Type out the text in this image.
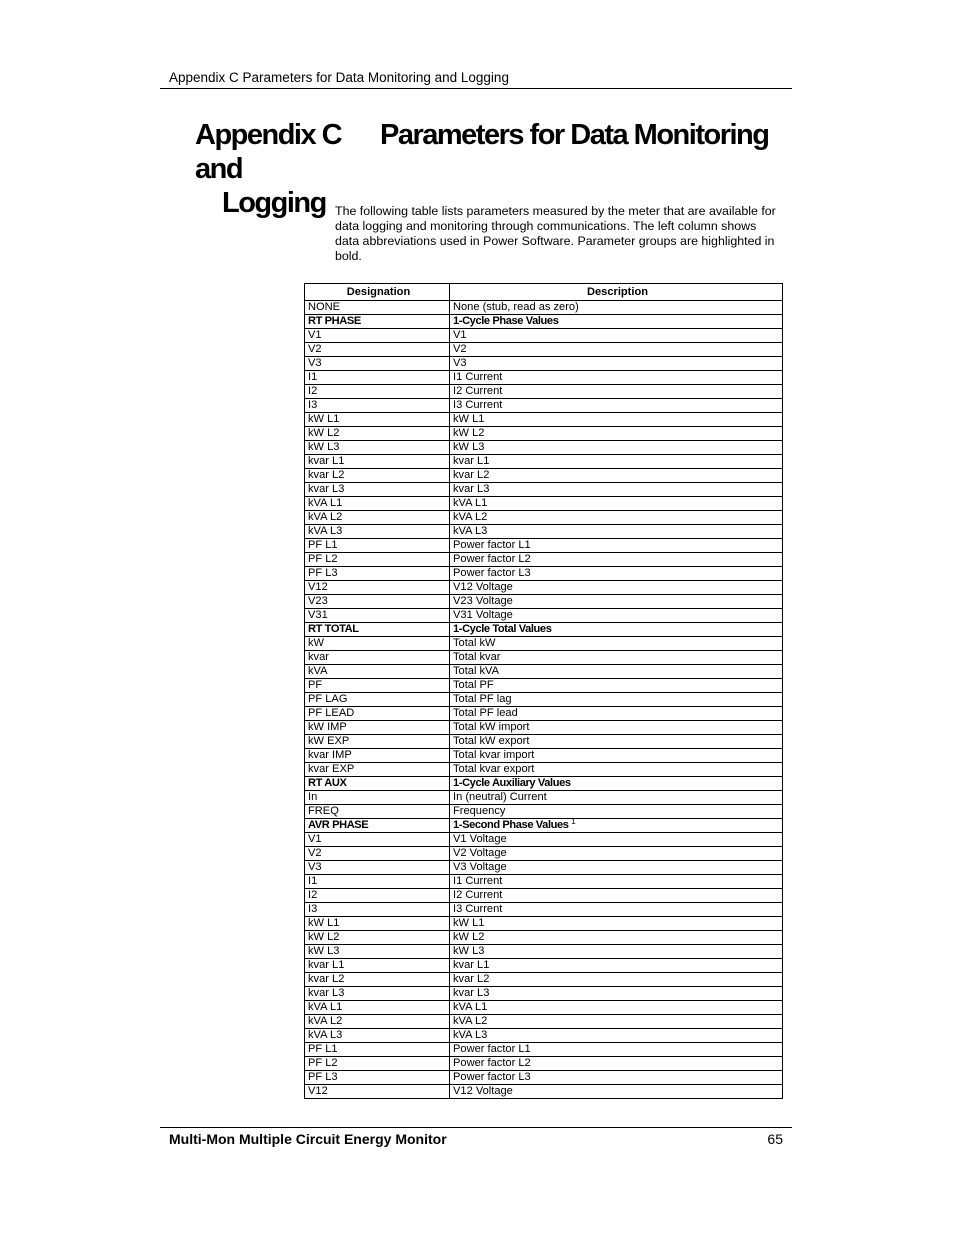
Appendix C Parameters for Data Monitoring and Logging
Appendix C Parameters for Data Monitoring and
Logging The following table lists parameters measured by the meter that are available for data logging and monitoring through communications. The left column shows data abbreviations used in Power Software. Parameter groups are highlighted in bold.

Designation	Description
NONE	None (stub, read as zero)
RT PHASE	1-Cycle Phase Values
V1	V1
V2	V2
V3	V3
I1	I1 Current
I2	I2 Current
I3	I3 Current
kW L1	kW L1
kW L2	kW L2
kW L3	kW L3
kvar L1	kvar L1
kvar L2	kvar L2
kvar L3	kvar L3
kVA L1	kVA L1
kVA L2	kVA L2
kVA L3	kVA L3
PF L1	Power factor L1
PF L2	Power factor L2
PF L3	Power factor L3
V12	V12 Voltage
V23	V23 Voltage
V31	V31 Voltage
RT TOTAL	1-Cycle Total Values
kW	Total kW
kvar	Total kvar
kVA	Total kVA
PF	Total PF
PF LAG	Total PF lag
PF LEAD	Total PF lead
kW IMP	Total kW import
kW EXP	Total kW export
kvar IMP	Total kvar import
kvar EXP	Total kvar export
RT AUX	1-Cycle Auxiliary Values
In	In (neutral) Current
FREQ	Frequency
AVR PHASE	1-Second Phase Values $^1$
V1	V1 Voltage
V2	V2 Voltage
V3	V3 Voltage
I1	I1 Current
I2	I2 Current
I3	I3 Current
kW L1	kW L1
kW L2	kW L2
kW L3	kW L3
kvar L1	kvar L1
kvar L2	kvar L2
kvar L3	kvar L3
kVA L1	kVA L1
kVA L2	kVA L2
kVA L3	kVA L3
PF L1	Power factor L1
PF L2	Power factor L2
PF L3	Power factor L3
V12	V12 Voltage
Multi-Mon Multiple Circuit Energy Monitor	65
